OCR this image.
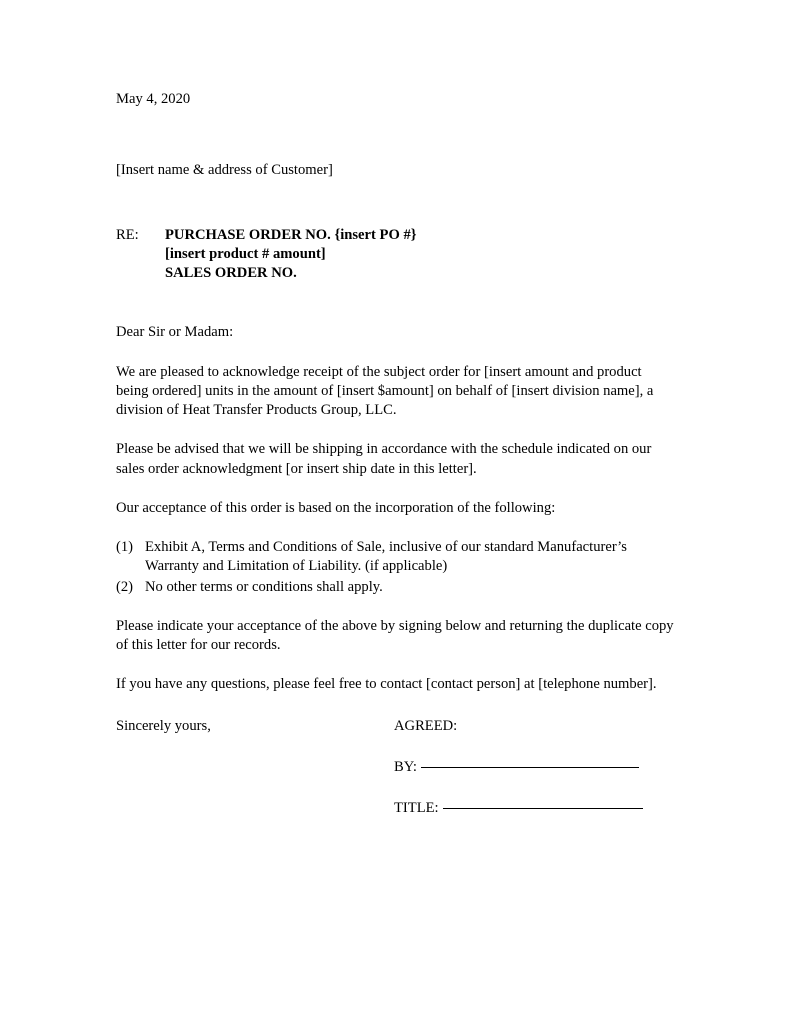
May 4, 2020
[Insert name & address of Customer]
RE:	PURCHASE ORDER NO. {insert PO #}
[insert product # amount]
SALES ORDER NO.
Dear Sir or Madam:

We are pleased to acknowledge receipt of the subject order for [insert amount and product being ordered] units in the amount of [insert $amount] on behalf of [insert division name], a division of Heat Transfer Products Group, LLC.

Please be advised that we will be shipping in accordance with the schedule indicated on our sales order acknowledgment [or insert ship date in this letter].

Our acceptance of this order is based on the incorporation of the following:

(1) Exhibit A, Terms and Conditions of Sale, inclusive of our standard Manufacturer’s Warranty and Limitation of Liability. (if applicable)
(2) No other terms or conditions shall apply.

Please indicate your acceptance of the above by signing below and returning the duplicate copy of this letter for our records.

If you have any questions, please feel free to contact [contact person] at [telephone number].

Sincerely yours,	AGREED:
BY:
TITLE:
